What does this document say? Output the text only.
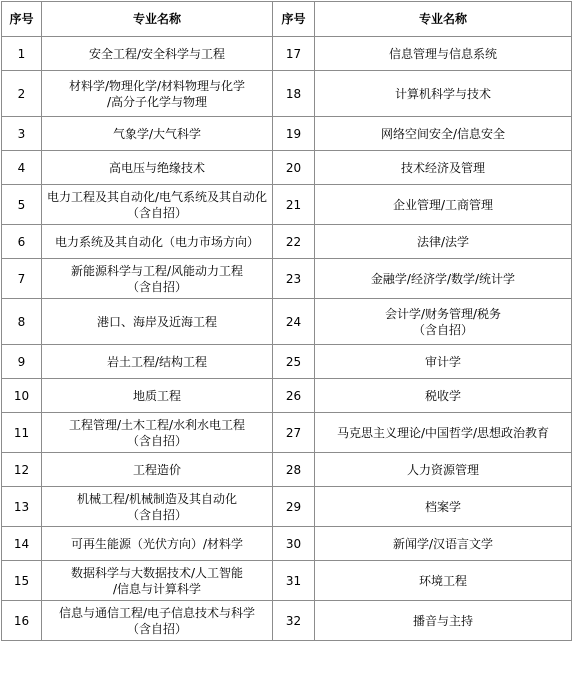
序号	专业名称	序号	专业名称
1	安全工程/安全科学与工程	17	信息管理与信息系统
2	材料学/物理化学/材料物理与化学
/高分子化学与物理	18	计算机科学与技术
3	气象学/大气科学	19	网络空间安全/信息安全
4	高电压与绝缘技术	20	技术经济及管理
5	电力工程及其自动化/电气系统及其自动化
（含自招）	21	企业管理/工商管理
6	电力系统及其自动化（电力市场方向）	22	法律/法学
7	新能源科学与工程/风能动力工程
（含自招）	23	金融学/经济学/数学/统计学
8	港口、海岸及近海工程	24	会计学/财务管理/税务
（含自招）
9	岩土工程/结构工程	25	审计学
10	地质工程	26	税收学
11	工程管理/土木工程/水利水电工程
（含自招）	27	马克思主义理论/中国哲学/思想政治教育
12	工程造价	28	人力资源管理
13	机械工程/机械制造及其自动化
（含自招）	29	档案学
14	可再生能源（光伏方向）/材料学	30	新闻学/汉语言文学
15	数据科学与大数据技术/人工智能
/信息与计算科学	31	环境工程
16	信息与通信工程/电子信息技术与科学
（含自招）	32	播音与主持
